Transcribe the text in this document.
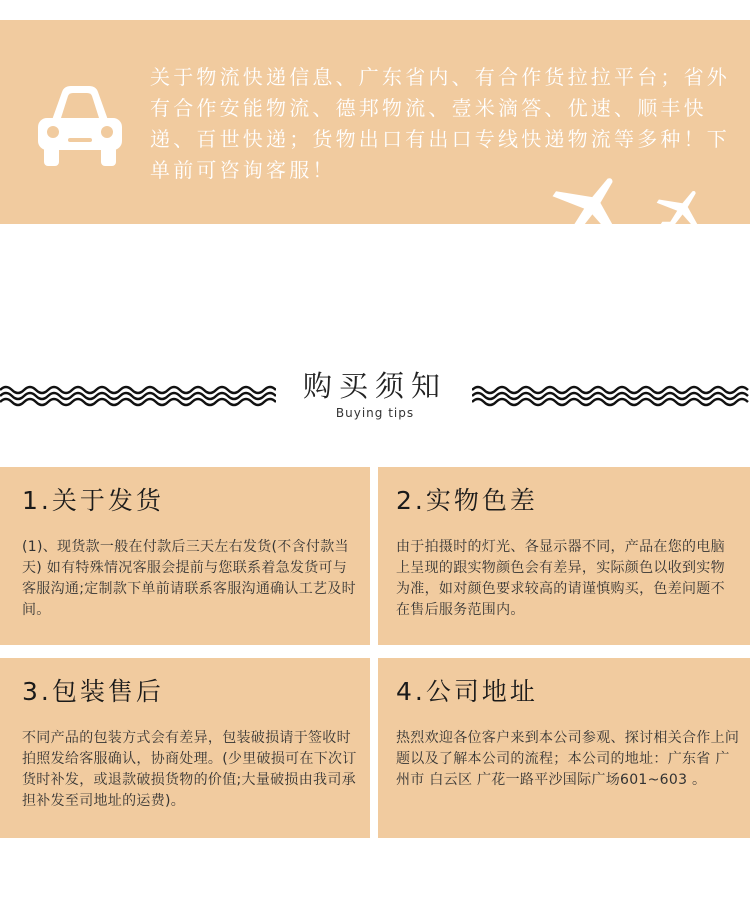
关于物流快递信息、广东省内、有合作货拉拉平台；省外有合作安能物流、德邦物流、壹米滴答、优速、顺丰快递、百世快递；货物出口有出口专线快递物流等多种！下单前可咨询客服！

购买须知
Buying tips
1.关于发货

(1)、现货款一般在付款后三天左右发货(不含付款当天) 如有特殊情况客服会提前与您联系着急发货可与客服沟通;定制款下单前请联系客服沟通确认工艺及时间。

2.实物色差

由于拍摄时的灯光、各显示器不同，产品在您的电脑上呈现的跟实物颜色会有差异，实际颜色以收到实物为准，如对颜色要求较高的请谨慎购买，色差问题不在售后服务范围内。

3.包装售后

不同产品的包装方式会有差异，包装破损请于签收时拍照发给客服确认，协商处理。(少里破损可在下次订货时补发，或退款破损货物的价值;大量破损由我司承担补发至司地址的运费)。

4.公司地址

热烈欢迎各位客户来到本公司参观、探讨相关合作上问题以及了解本公司的流程；本公司的地址：广东省 广州市 白云区 广花一路平沙国际广场601~603 。
